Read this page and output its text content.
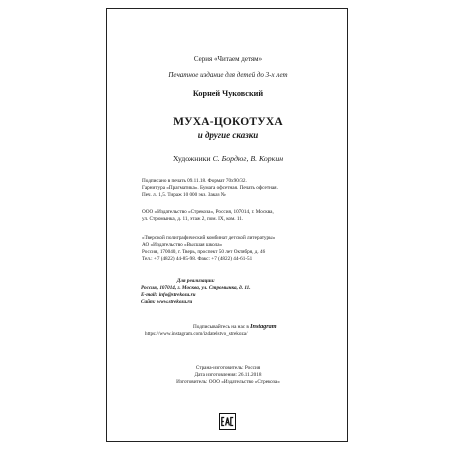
Серия «Читаем детям»
Печатное издание для детей до 3-х лет
Корней Чуковский
МУХА-ЦОКОТУХА
и другие сказки
Художники С. Бордюг, В. Коркин
Подписано в печать 09.11.18. Формат 70х90/32.
Гарнитура «Прагматика». Бумага офсетная. Печать офсетная.
Печ. л. 1,5. Тираж 10 000 экз. Заказ №
ООО «Издательство «Стрекоза», Россия, 107014, г. Москва,
ул. Стромынка, д. 11, этаж 2, пом. IX, ком. 11.
«Тверской полиграфический комбинат детской литературы»
АО «Издательство «Высшая школа»
Россия, 170040, г. Тверь, проспект 50 лет Октября, д. 46
Тел.: +7 (4822) 44-85-98. Факс: +7 (4822) 44-61-51
Для реализации:
Россия, 107014, г. Москва, ул. Стромынка, д. 11.
E-mail: info@strekoza.ru
Сайт: www.strekoza.ru
Подписывайтесь на нас в Instagram
https://www.instagram.com/izdatelstvo_strekoza/
Страна-изготовитель: Россия
Дата изготовления: 26.11.2018
Изготовитель: ООО «Издательство «Стрекоза»
